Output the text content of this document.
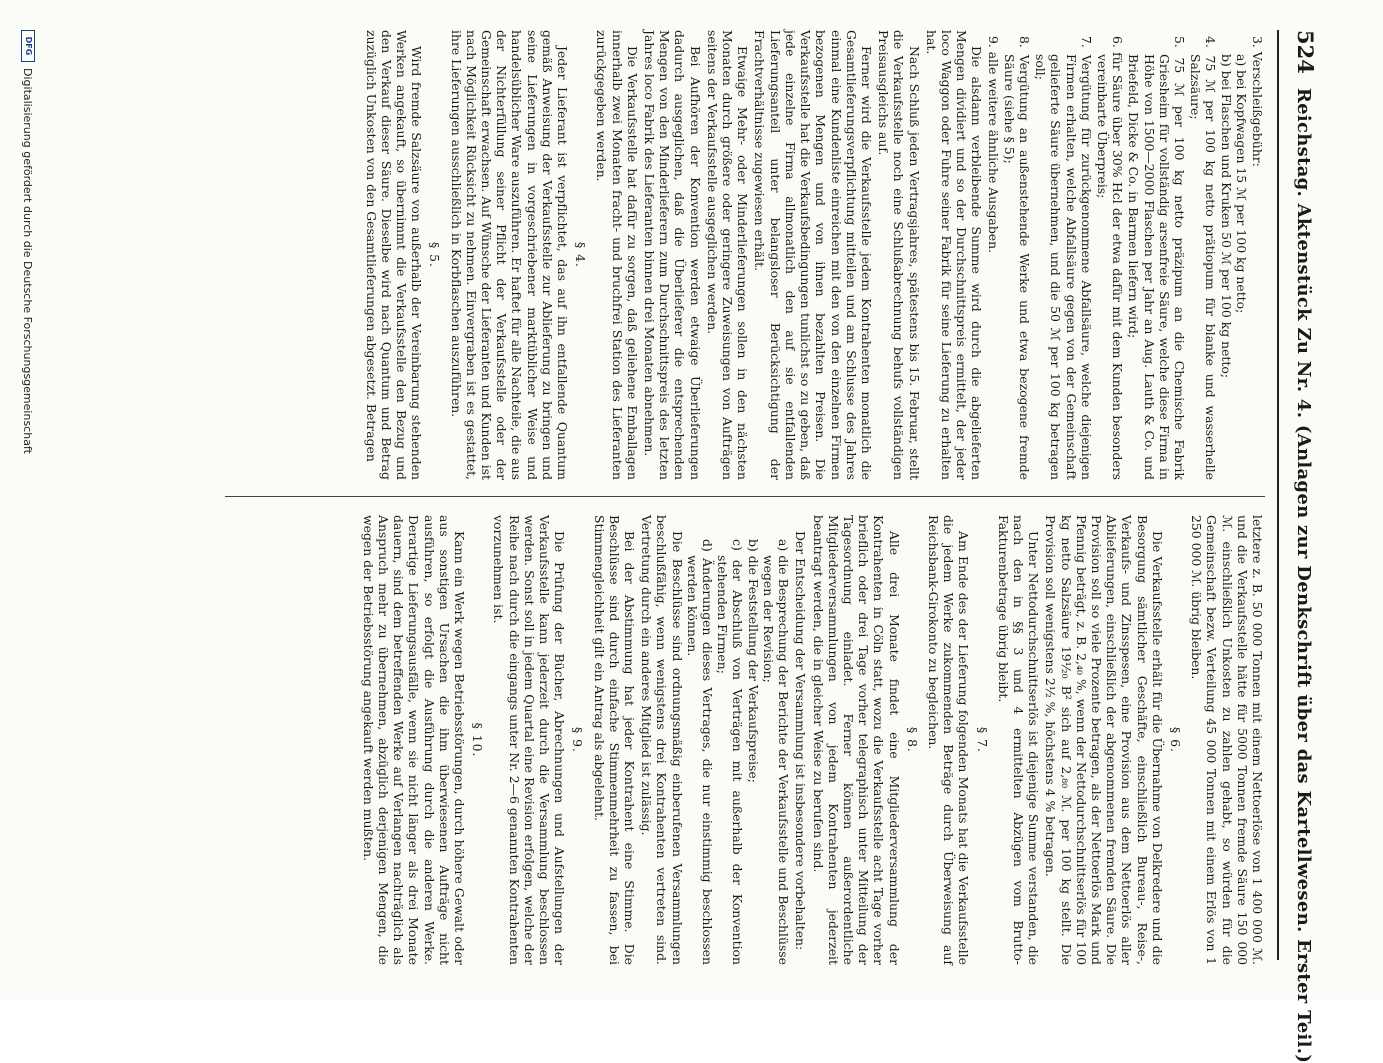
524
Reichstag. Aktenstück Zu Nr. 4. (Anlagen zur Denkschrift über das Kartellwesen. Erster Teil.)

3. Verschleißgebühr:

a) bei Kopfwagen 15 ℳ per 100 kg netto;

b) bei Flaschen und Kruken 50 ℳ per 100 kg netto;

4. 75 ℳ per 100 kg netto prätiopum für blanke und wasserhelle Salzsäure;

5. 75 ℳ per 100 kg netto präzipum an die Chemische Fabrik Griesheim für vollständig arsenfreie Säure, welche diese Firma in Höhe von 1500—2000 Flaschen per Jahr an Aug. Lauth & Co. und Briefeld, Dicke & Co. in Barmen liefern wird;

6. für Säure über 30% Hcl der etwa dafür mit dem Kunden besonders vereinbarte Überpreis;

7. Vergütung für zurückgenommene Abfallsäure, welche diejenigen Firmen erhalten, welche Abfallsäure gegen von der Gemeinschaft gelieferte Säure übernehmen, und die 50 ℳ per 100 kg betragen soll;

8. Vergütung an außenstehende Werke und etwa bezogene fremde Säure (siehe § 5);

9. alle weitere ähnliche Ausgaben.

Die alsdann verbleibende Summe wird durch die abgelieferten Mengen dividiert und so der Durchschnittspreis ermittelt, der jeder loco Waggon oder Fuhre seiner Fabrik für seine Lieferung zu erhalten hat.

Nach Schluß jeden Vertragsjahres, spätestens bis 15. Februar, stellt die Verkaufsstelle noch eine Schlußabrechnung behufs vollständigen Preisausgleichs auf.

Ferner wird die Verkaufsstelle jedem Kontrahenten monatlich die Gesamtlieferungsverpflichtung mitteilen und am Schlusse des Jahres einmal eine Kundenliste einreichen mit den von den einzelnen Firmen bezogenen Mengen und von ihnen bezahlten Preisen. Die Verkaufsstelle hat die Verkaufsbedingungen tunlichst so zu geben, daß jede einzelne Firma allmonatlich den auf sie entfallenden Lieferungsanteil unter belangsloser Berücksichtigung der Frachtverhältnisse zugewiesen erhält.

Etwaige Mehr- oder Minderlieferungen sollen in den nächsten Monaten durch größere oder geringere Zuweisungen von Aufträgen seitens der Verkaufsstelle ausgeglichen werden.

Bei Aufhören der Konvention werden etwaige Überlieferungen dadurch ausgeglichen, daß die Überlieferer die entsprechenden Mengen von den Minderlieferern zum Durchschnittspreis des letzten Jahres loco Fabrik des Lieferanten binnen drei Monaten abnehmen.

Die Verkaufsstelle hat dafür zu sorgen, daß geliehene Emballagen innerhalb zwei Monaten fracht- und bruchfrei Station des Lieferanten zurückgegeben werden.

§ 4.

Jeder Lieferant ist verpflichtet, das auf ihn entfallende Quantum gemäß Anweisung der Verkaufsstelle zur Ablieferung zu bringen und seine Lieferungen in vorgeschriebener marktüblicher Weise und handelsüblicher Ware auszuführen. Er haftet für alle Nachteile, die aus der Nichterfüllung seiner Pflicht der Verkaufsstelle oder der Gemeinschaft erwachsen. Auf Wünsche der Lieferanten und Kunden ist nach Möglichkeit Rücksicht zu nehmen. Einvergraben ist es gestattet, ihre Lieferungen ausschließlich in Korbflaschen auszuführen.

§ 5.

Wird fremde Salzsäure von außerhalb der Vereinbarung stehenden Werken angekauft, so übernimmt die Verkaufsstelle den Bezug und den Verkauf dieser Säure. Dieselbe wird nach Quantum und Betrag zuzüglich Unkosten von den Gesamtlieferungen abgesetzt. Betragen

letztere z. B. 50 000 Tonnen mit einem Nettoerlöse von 1 400 000 ℳ. und die Verkaufsstelle hätte für 5000 Tonnen fremde Säure 150 000 ℳ. einschließlich Unkosten zu zahlen gehabt, so würden für die Gemeinschaft bezw. Verteilung 45 000 Tonnen mit einem Erlös von 1 250 000 ℳ. übrig bleiben.

§ 6.

Die Verkaufsstelle erhält für die Übernahme von Delkredere und die Besorgung sämtlicher Geschäfte, einschließlich Bureau-, Reise-, Verkaufs- und Zinsspesen, eine Provision aus dem Nettoerlös aller Ablieferungen, einschließlich der abgenommenen fremden Säure. Die Provision soll so viele Prozente betragen, als der Nettoerlös Mark und Pfennig beträgt, z. B. 2,₄₀ %, wenn der Nettodurchschnittserlös für 100 kg netto Salzsäure 19½₀ B² sich auf 2,₈₀ ℳ. per 100 kg stellt. Die Provision soll wenigstens 2½ %, höchstens 4 % betragen.

Unter Nettodurchschnittserlös ist diejenige Summe verstanden, die nach den in §§ 3 und 4 ermittelten Abzügen vom Brutto-Fakturenbetrage übrig bleibt.

§ 7.

Am Ende des der Lieferung folgenden Monats hat die Verkaufsstelle die jedem Werke zukommenden Beträge durch Überweisung auf Reichsbank-Girokonto zu begleichen.

§ 8.

Alle drei Monate findet eine Mitgliederversammlung der Kontrahenten in Cöln statt, wozu die Verkaufsstelle acht Tage vorher brieflich oder drei Tage vorher telegraphisch unter Mitteilung der Tagesordnung einladet. Ferner können außerordentliche Mitgliederversammlungen von jedem Kontrahenten jederzeit beantragt werden, die in gleicher Weise zu berufen sind.

Der Entscheidung der Versammlung ist insbesondere vorbehalten:

a) die Besprechung der Berichte der Verkaufsstelle und Beschlüsse wegen der Revision;

b) die Feststellung der Verkaufspreise;

c) der Abschluß von Verträgen mit außerhalb der Konvention stehenden Firmen;

d) Änderungen dieses Vertrages, die nur einstimmig beschlossen werden können.

Die Beschlüsse sind ordnungsmäßig einberufenen Versammlungen beschlußfähig, wenn wenigstens drei Kontrahenten vertreten sind. Vertretung durch ein anderes Mitglied ist zulässig.

Bei der Abstimmung hat jeder Kontrahent eine Stimme. Die Beschlüsse sind durch einfache Stimmenmehrheit zu fassen, bei Stimmengleichheit gilt ein Antrag als abgelehnt.

§ 9.

Die Prüfung der Bücher, Abrechnungen und Aufstellungen der Verkaufsstelle kann jederzeit durch die Versammlung beschlossen werden. Sonst soll in jedem Quartal eine Revision erfolgen, welche der Reihe nach durch die eingangs unter Nr. 2—6 genannten Kontrahenten vorzunehmen ist.

§ 10.

Kann ein Werk wegen Betriebsstörungen, durch höhere Gewalt oder aus sonstigen Ursachen die ihm überwiesenen Aufträge nicht ausführen, so erfolgt die Ausführung durch die anderen Werke. Derartige Lieferungsausfälle, wenn sie nicht länger als drei Monate dauern, sind dem betreffenden Werke auf Verlangen nachträglich als Anspruch mehr zu übernehmen, abzüglich derjenigen Mengen, die wegen der Betriebsstörung angekauft werden mußten.

DFG
Digitalisierung gefördert durch die Deutsche Forschungsgemeinschaft
